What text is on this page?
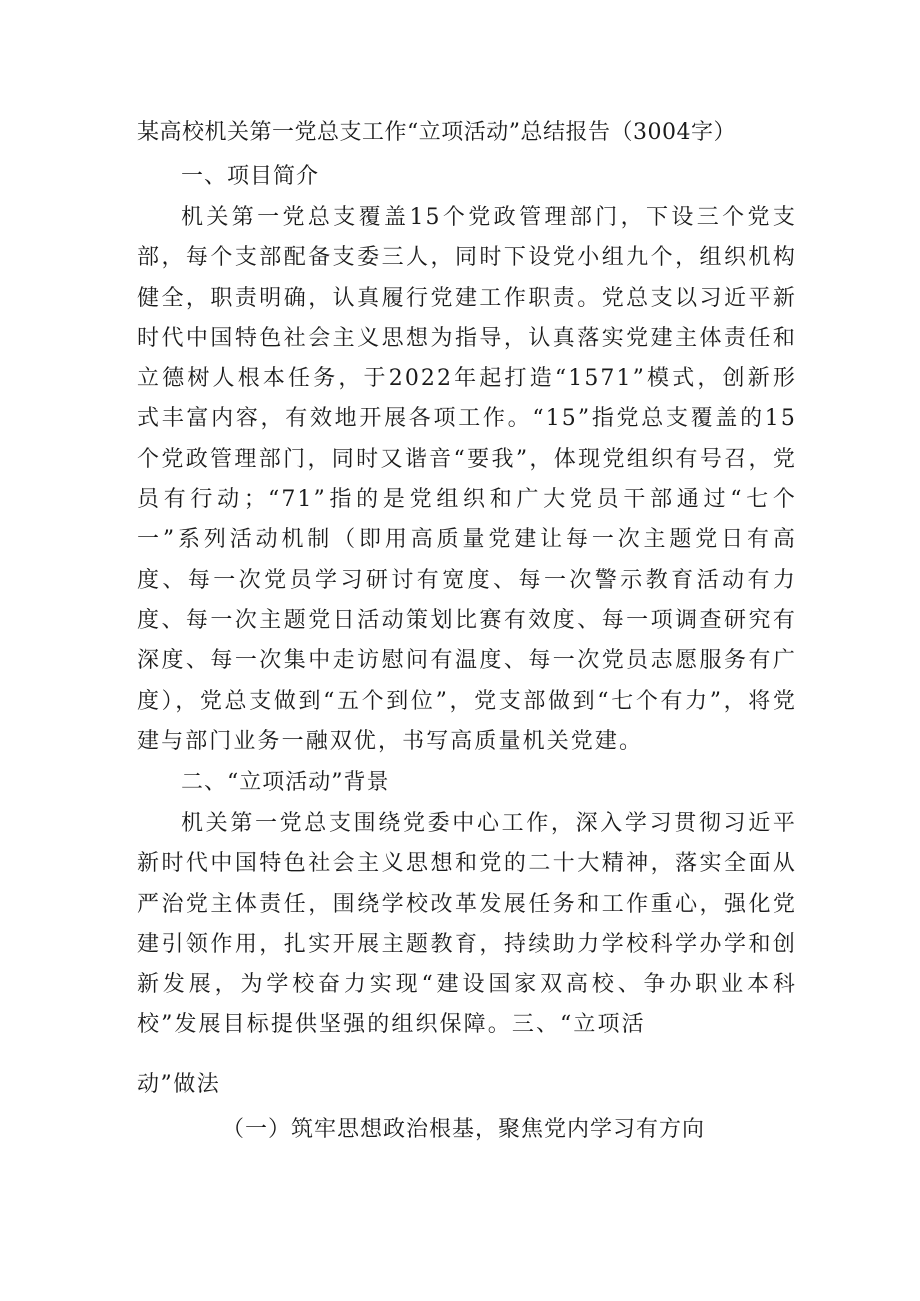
某高校机关第一党总支工作“立项活动”总结报告（3004字）
一、项目简介
机关第一党总支覆盖15个党政管理部门，下设三个党支部，每个支部配备支委三人，同时下设党小组九个，组织机构健全，职责明确，认真履行党建工作职责。党总支以习近平新时代中国特色社会主义思想为指导，认真落实党建主体责任和立德树人根本任务，于2022年起打造“1571”模式，创新形式丰富内容，有效地开展各项工作。“15”指党总支覆盖的15个党政管理部门，同时又谐音“要我”，体现党组织有号召，党员有行动；“71”指的是党组织和广大党员干部通过“七个一”系列活动机制（即用高质量党建让每一次主题党日有高度、每一次党员学习研讨有宽度、每一次警示教育活动有力度、每一次主题党日活动策划比赛有效度、每一项调查研究有深度、每一次集中走访慰问有温度、每一次党员志愿服务有广度），党总支做到“五个到位”，党支部做到“七个有力”，将党建与部门业务一融双优，书写高质量机关党建。
二、“立项活动”背景
机关第一党总支围绕党委中心工作，深入学习贯彻习近平新时代中国特色社会主义思想和党的二十大精神，落实全面从严治党主体责任，围绕学校改革发展任务和工作重心，强化党建引领作用，扎实开展主题教育，持续助力学校科学办学和创新发展，为学校奋力实现“建设国家双高校、争办职业本科校”发展目标提供坚强的组织保障。三、“立项活
动”做法
（一）筑牢思想政治根基，聚焦党内学习有方向
